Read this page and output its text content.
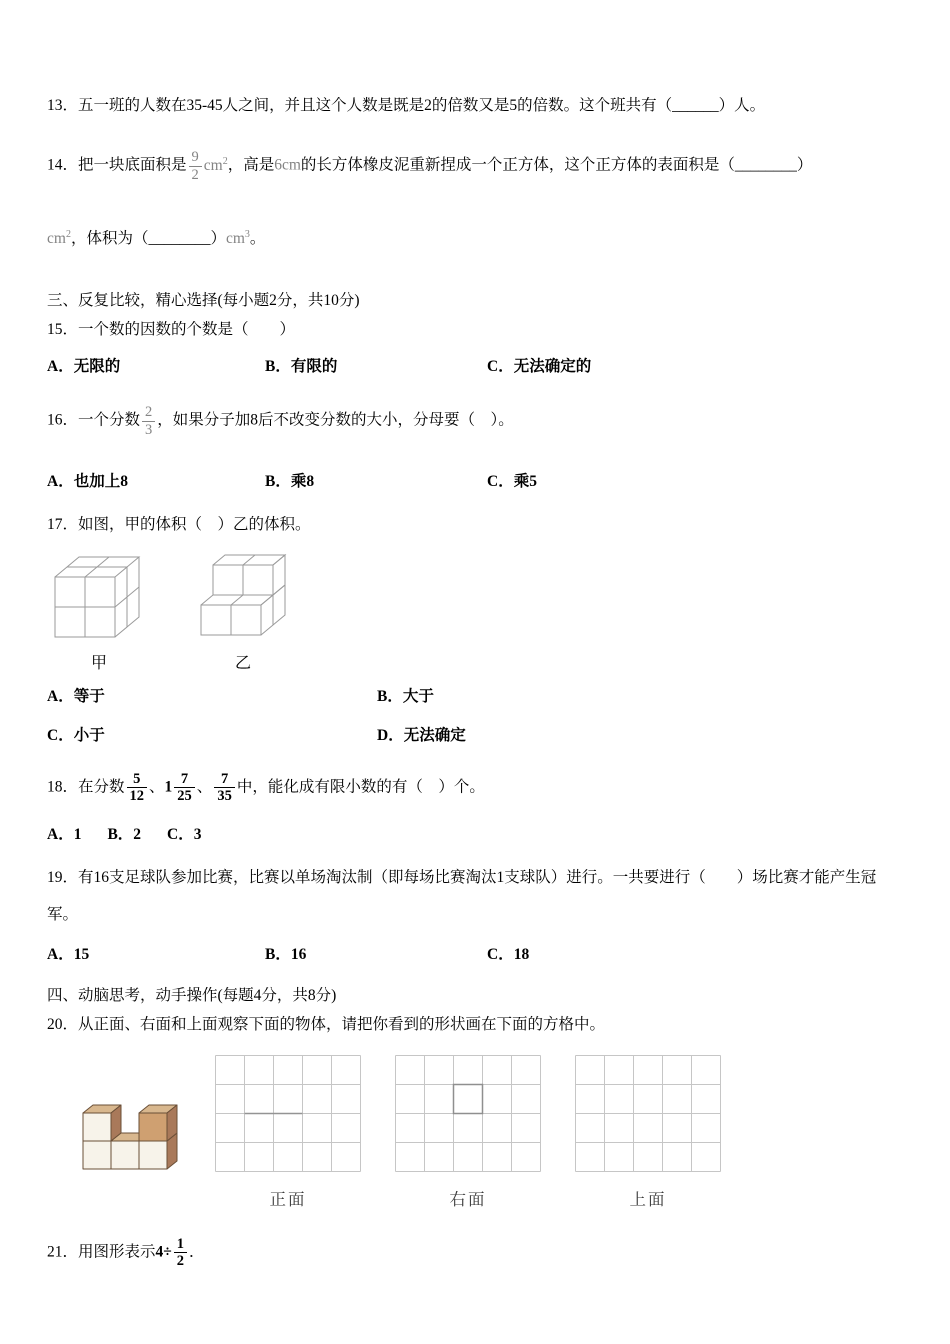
13．五一班的人数在35-45人之间，并且这个人数是既是2的倍数又是5的倍数。这个班共有（______）人。

14．把一块底面积是 $\frac{9}{2} cm^2$，高是6cm的长方体橡皮泥重新捏成一个正方体，这个正方体的表面积是（________）

$cm^2$，体积为$(\_\_\_\_\_\_\_\_)cm^3$。

三、反复比较，精心选择(每小题2分，共10分)

15．一个数的因数的个数是（　　）

A．无限的	B．有限的	C．无法确定的

16．一个分数 $\frac{2}{3}$ ，如果分子加8后不改变分数的大小，分母要（　）。

A．也加上8	B．乘8	C．乘5

17．如图，甲的体积（　）乙的体积。

甲	乙
A．等于	B．大于
C．小于	D．无法确定

18．在分数 $\frac{5}{12}$ 、$1 \frac{7}{25}$ 、 $\frac{7}{35}$ 中，能化成有限小数的有（　）个。

A．1 B．2 C．3

19．有16支足球队参加比赛，比赛以单场淘汰制（即每场比赛淘汰1支球队）进行。一共要进行（　　）场比赛才能产生冠军。

A．15	B．16	C．18

四、动脑思考，动手操作(每题4分，共8分)

20．从正面、右面和上面观察下面的物体，请把你看到的形状画在下面的方格中。

正面	右面	上面

21．用图形表示$4\div \frac{1}{2}$ ．
